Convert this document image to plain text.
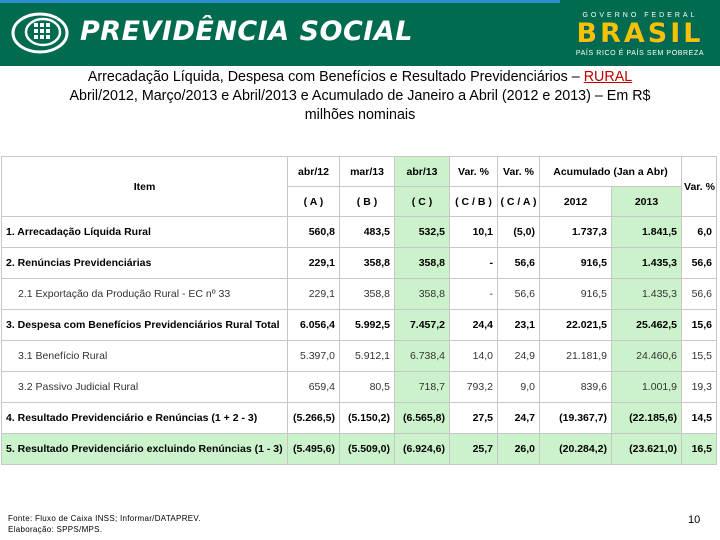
PREVIDÊNCIA SOCIAL
GOVERNO FEDERAL
BRASIL
PAÍS RICO É PAÍS SEM POBREZA
Arrecadação Líquida, Despesa com Benefícios e Resultado Previdenciários – RURAL
Abril/2012, Março/2013 e Abril/2013 e Acumulado de Janeiro a Abril (2012 e 2013) – Em R$
milhões nominais
Item	abr/12	mar/13	abr/13	Var. %	Var. %	Acumulado (Jan a Abr)		Var. %
	( A )	( B )	( C )	( C / B )	( C / A )	2012	2013	
1. Arrecadação Líquida Rural	560,8	483,5	532,5	10,1	(5,0)	1.737,3	1.841,5	6,0
2. Renúncias Previdenciárias	229,1	358,8	358,8	-	56,6	916,5	1.435,3	56,6
2.1 Exportação da Produção Rural - EC nº 33	229,1	358,8	358,8	-	56,6	916,5	1.435,3	56,6
3. Despesa com Benefícios Previdenciários Rural Total	6.056,4	5.992,5	7.457,2	24,4	23,1	22.021,5	25.462,5	15,6
3.1 Benefício Rural	5.397,0	5.912,1	6.738,4	14,0	24,9	21.181,9	24.460,6	15,5
3.2 Passivo Judicial Rural	659,4	80,5	718,7	793,2	9,0	839,6	1.001,9	19,3
4. Resultado Previdenciário e Renúncias (1 + 2 - 3)	(5.266,5)	(5.150,2)	(6.565,8)	27,5	24,7	(19.367,7)	(22.185,6)	14,5
5. Resultado Previdenciário excluindo Renúncias (1 - 3)	(5.495,6)	(5.509,0)	(6.924,6)	25,7	26,0	(20.284,2)	(23.621,0)	16,5
Fonte: Fluxo de Caixa INSS; Informar/DATAPREV.
Elaboração: SPPS/MPS.
10
